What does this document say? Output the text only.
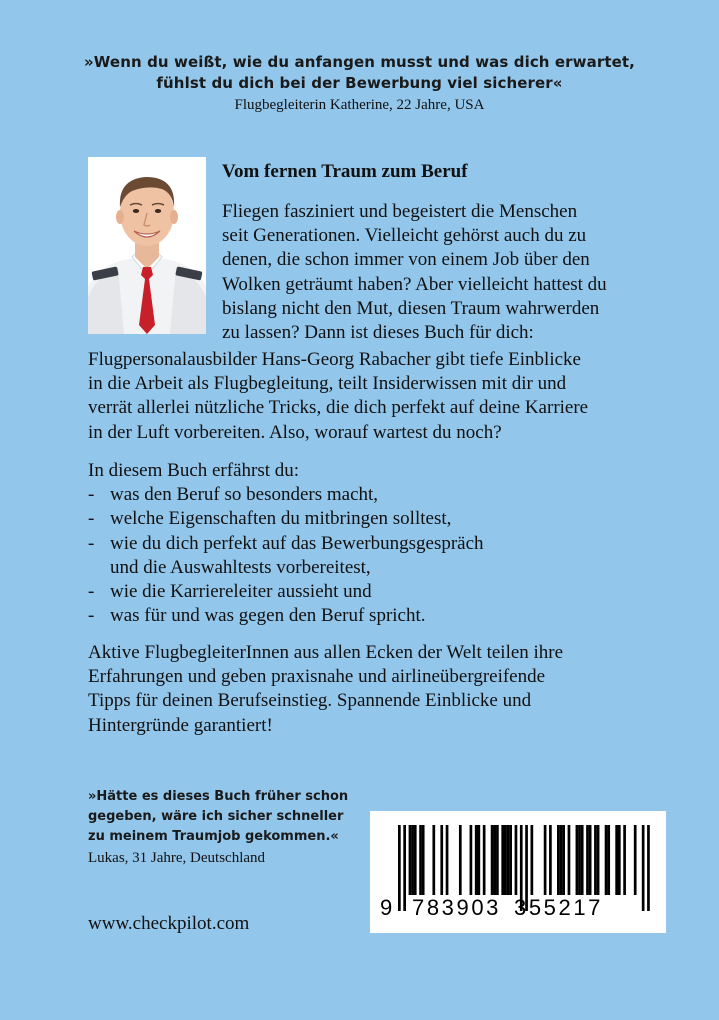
»Wenn du weißt, wie du anfangen musst und was dich erwartet,
fühlst du dich bei der Bewerbung viel sicherer«
Flugbegleiterin Katherine, 22 Jahre, USA
Vom fernen Traum zum Beruf
Fliegen fasziniert und begeistert die Menschen
seit Generationen. Vielleicht gehörst auch du zu
denen, die schon immer von einem Job über den
Wolken geträumt haben? Aber vielleicht hattest du
bislang nicht den Mut, diesen Traum wahrwerden
zu lassen? Dann ist dieses Buch für dich:
Flugpersonalausbilder Hans-Georg Rabacher gibt tiefe Einblicke
in die Arbeit als Flugbegleitung, teilt Insiderwissen mit dir und
verrät allerlei nützliche Tricks, die dich perfekt auf deine Karriere
in der Luft vorbereiten. Also, worauf wartest du noch?
In diesem Buch erfährst du:
- was den Beruf so besonders macht,
- welche Eigenschaften du mitbringen solltest,
- wie du dich perfekt auf das Bewerbungsgespräch
und die Auswahltests vorbereitest,
- wie die Karriereleiter aussieht und
- was für und was gegen den Beruf spricht.
Aktive FlugbegleiterInnen aus allen Ecken der Welt teilen ihre
Erfahrungen und geben praxisnahe und airlineübergreifende
Tipps für deinen Berufseinstieg. Spannende Einblicke und
Hintergründe garantiert!
»Hätte es dieses Buch früher schon
gegeben, wäre ich sicher schneller
zu meinem Traumjob gekommen.«
Lukas, 31 Jahre, Deutschland
www.checkpilot.com
9 783903 355217
